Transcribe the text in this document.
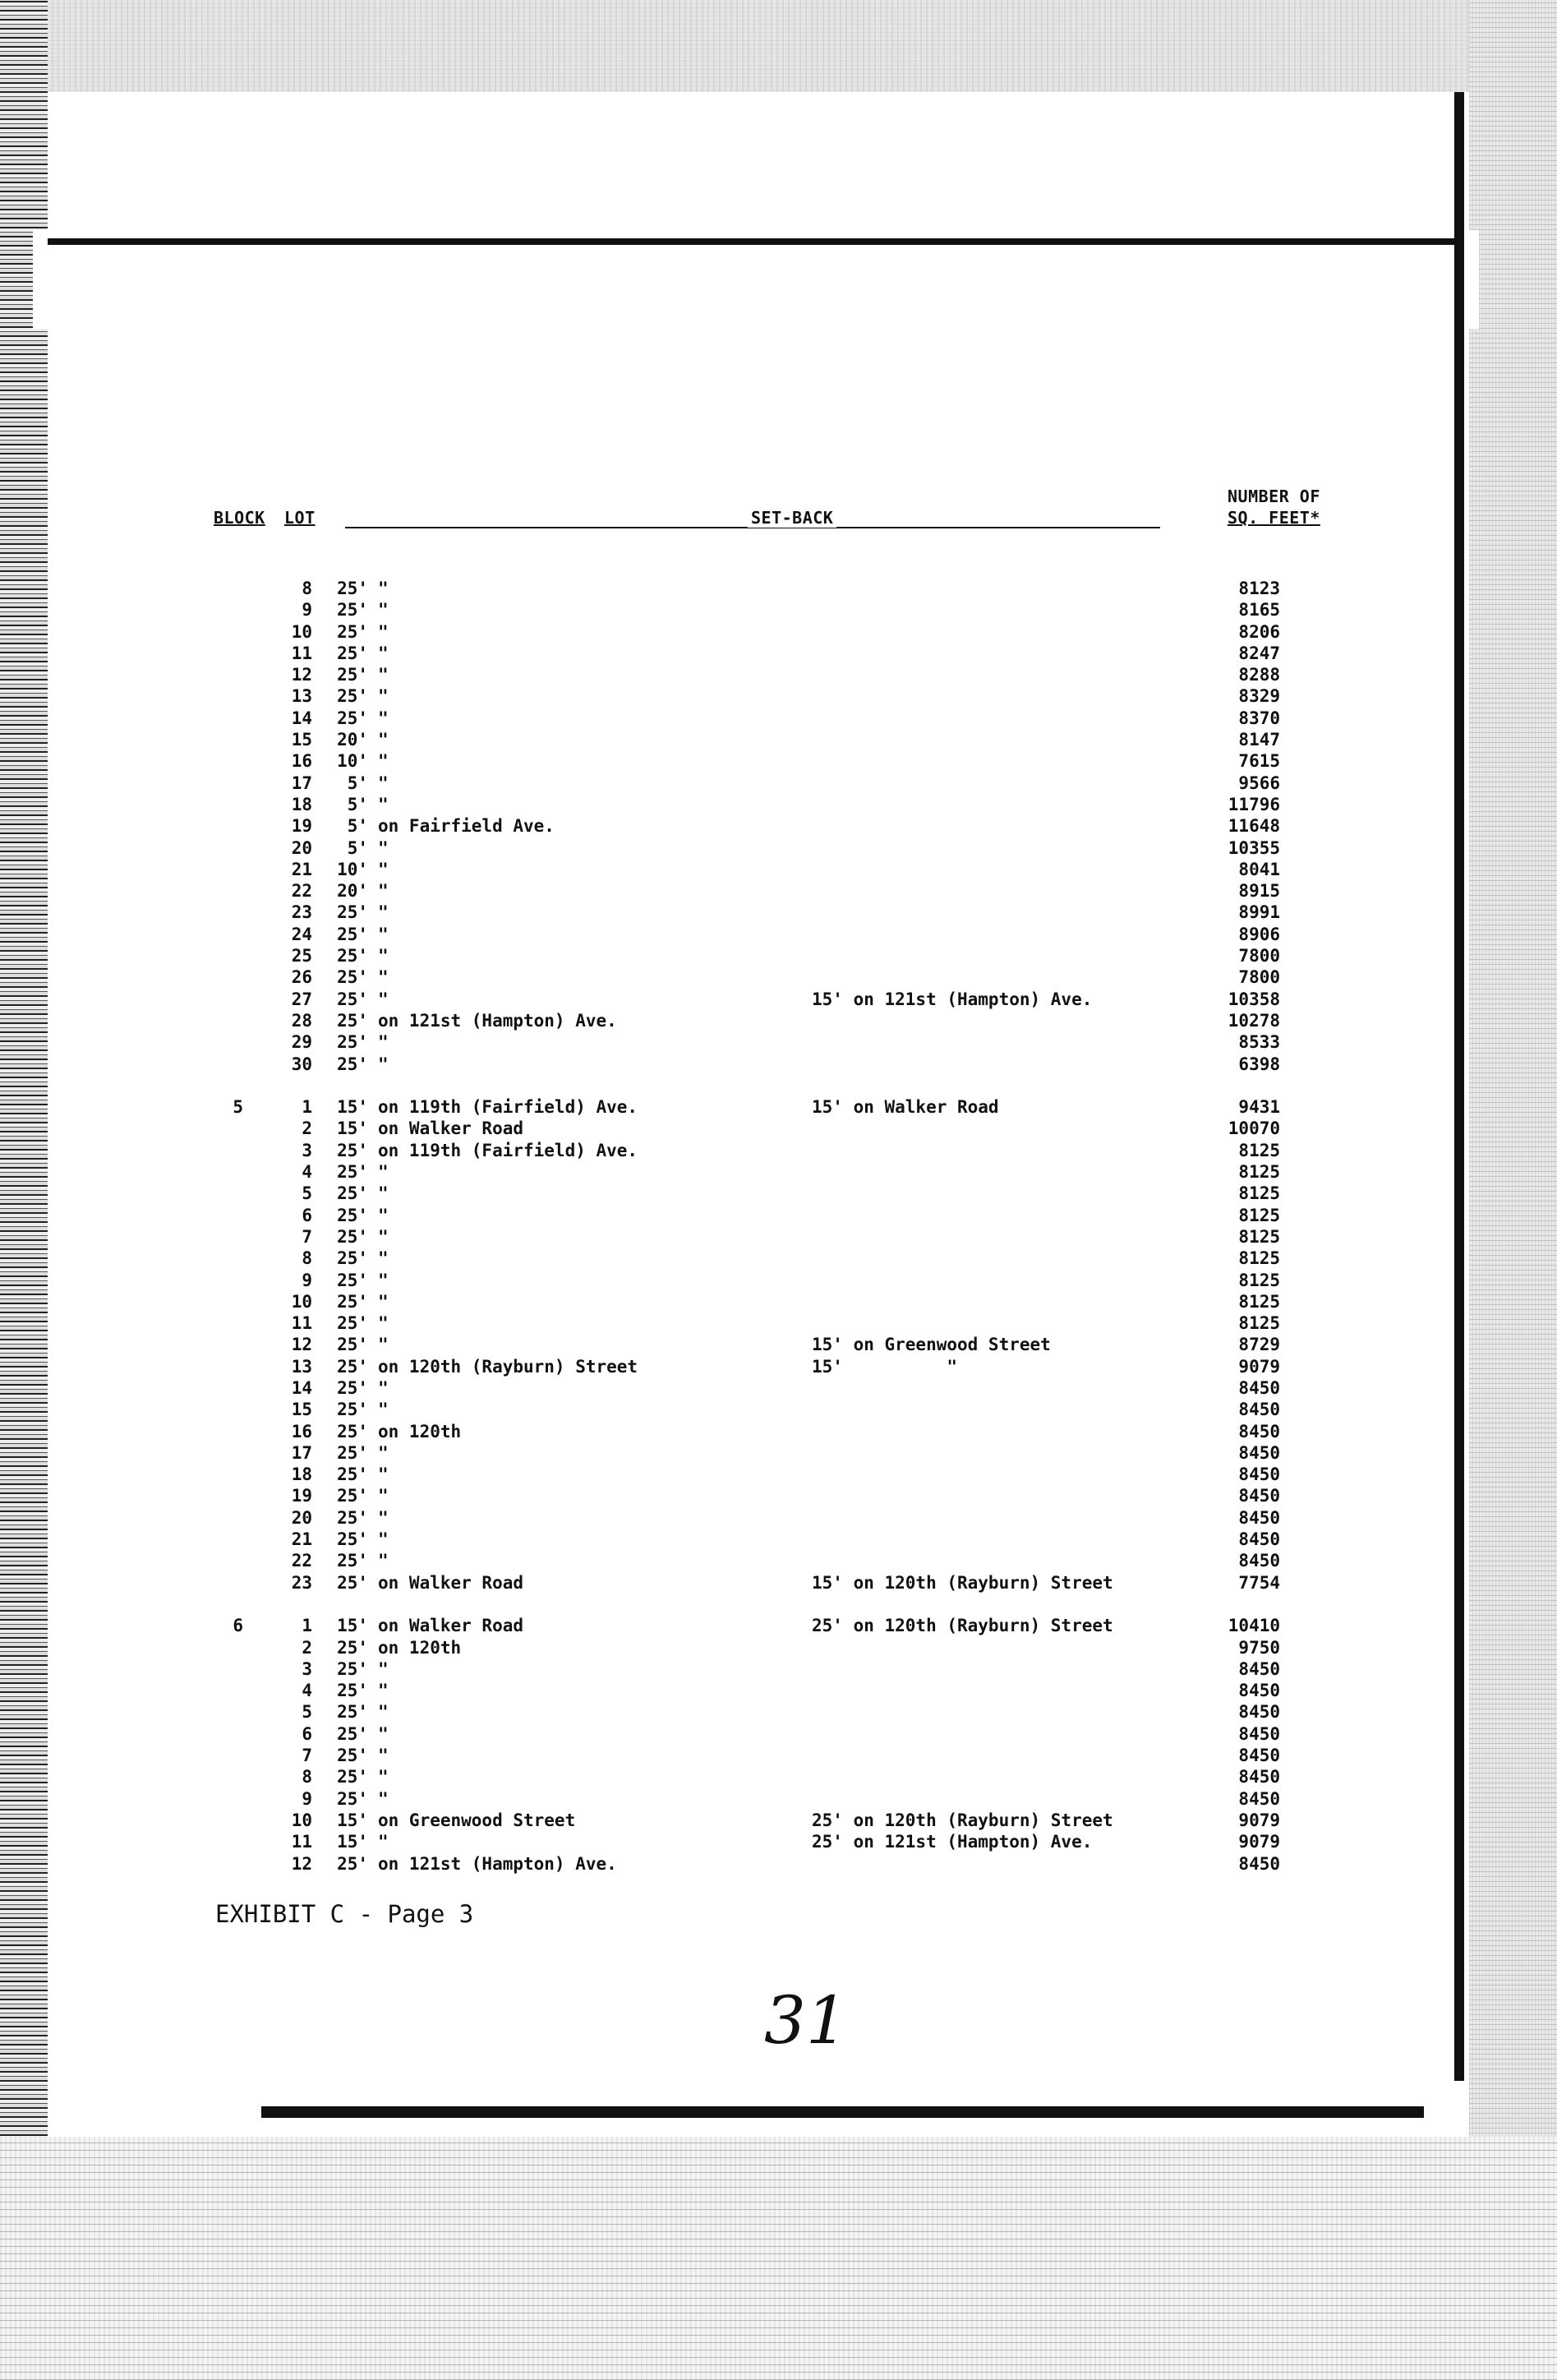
NUMBER OF
BLOCK LOT	SET-BACK	SQ. FEET*
8 25' "	8123
9 25' "	8165
10 25' "	8206
11 25' "	8247
12 25' "	8288
13 25' "	8329
14 25' "	8370
15 20' "	8147
16 10' "	7615
17	5' "	9566
18	5' "	11796
19	5' on Fairfield Ave.	11648
20	5' "	10355
21 10' "	8041
22 20' "	8915
23 25' "	8991
24 25' "	8906
25 25' "	7800
26 25' "	7800
27 25' "	15' on 121st (Hampton) Ave.	10358
28 25' on 121st (Hampton) Ave.	10278
29 25' "	8533
30 25' "	6398
5	1 15' on 119th (Fairfield) Ave.	15' on Walker Road	9431
2 15' on Walker Road	10070
3 25' on 119th (Fairfield) Ave.	8125
4 25' "	8125
5 25' "	8125
6 25' "	8125
7 25' "	8125
8 25' "	8125
9 25' "	8125
10 25' "	8125
11 25' "	8125
12 25' "	15' on Greenwood Street	8729
13 25' on 120th (Rayburn) Street	15'          "	9079
14 25' "	8450
15 25' "	8450
16 25' on 120th	8450
17 25' "	8450
18 25' "	8450
19 25' "	8450
20 25' "	8450
21 25' "	8450
22 25' "	8450
23 25' on Walker Road	15' on 120th (Rayburn) Street	7754
6	1 15' on Walker Road	25' on 120th (Rayburn) Street	10410
2 25' on 120th	9750
3 25' "	8450
4 25' "	8450
5 25' "	8450
6 25' "	8450
7 25' "	8450
8 25' "	8450
9 25' "	8450
10 15' on Greenwood Street	25' on 120th (Rayburn) Street	9079
11 15' "	25' on 121st (Hampton) Ave.	9079
12 25' on 121st (Hampton) Ave.	8450
EXHIBIT C - Page 3
31
